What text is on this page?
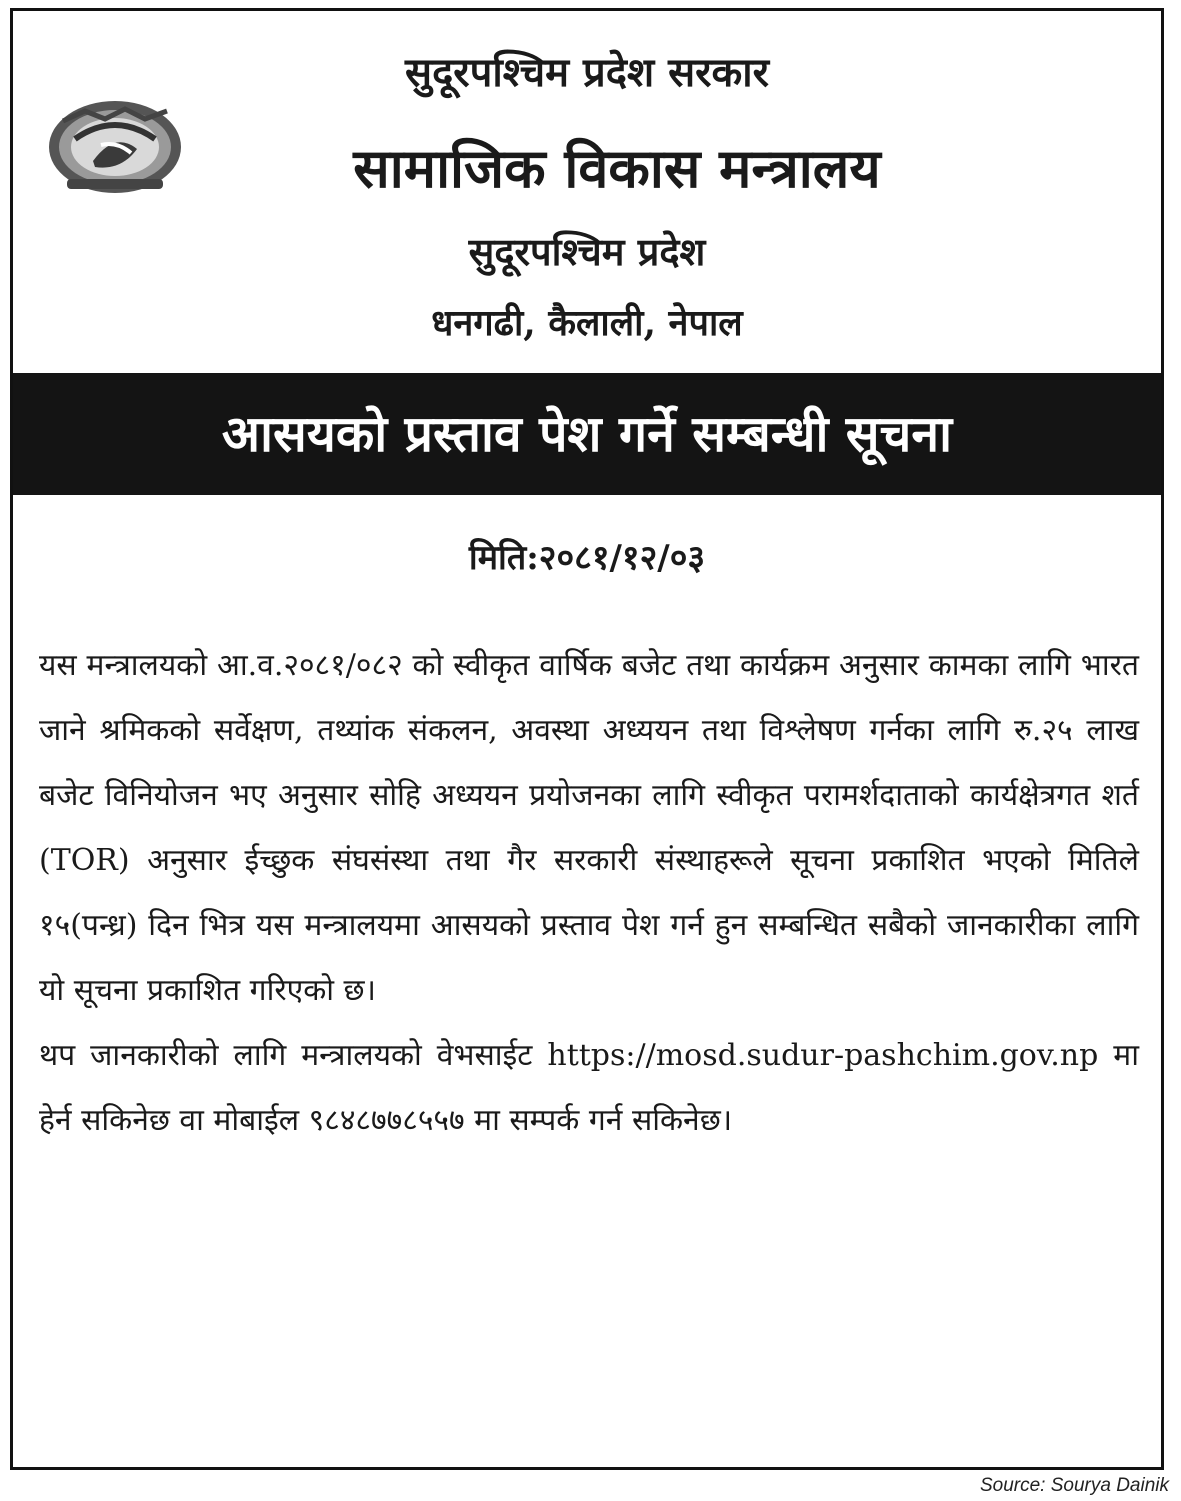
सुदूरपश्चिम प्रदेश सरकार
सामाजिक विकास मन्त्रालय
सुदूरपश्चिम प्रदेश
धनगढी, कैलाली, नेपाल
आसयको प्रस्ताव पेश गर्ने सम्बन्धी सूचना
मिति:२०८१/१२/०३

यस मन्त्रालयको आ.व.२०८१/०८२ को स्वीकृत वार्षिक बजेट तथा कार्यक्रम अनुसार कामका लागि भारत जाने श्रमिकको सर्वेक्षण, तथ्यांक संकलन, अवस्था अध्ययन तथा विश्लेषण गर्नका लागि रु.२५ लाख बजेट विनियोजन भए अनुसार सोहि अध्ययन प्रयोजनका लागि स्वीकृत परामर्शदाताको कार्यक्षेत्रगत शर्त (TOR) अनुसार ईच्छुक संघसंस्था तथा गैर सरकारी संस्थाहरूले सूचना प्रकाशित भएको मितिले १५(पन्ध्र) दिन भित्र यस मन्त्रालयमा आसयको प्रस्ताव पेश गर्न हुन सम्बन्धित सबैको जानकारीका लागि यो सूचना प्रकाशित गरिएको छ।

थप जानकारीको लागि मन्त्रालयको वेभसाईट https://mosd.sudur-pashchim.gov.np मा हेर्न सकिनेछ वा मोबाईल ९८४८७७८५५७ मा सम्पर्क गर्न सकिनेछ।

Source: Sourya Dainik
